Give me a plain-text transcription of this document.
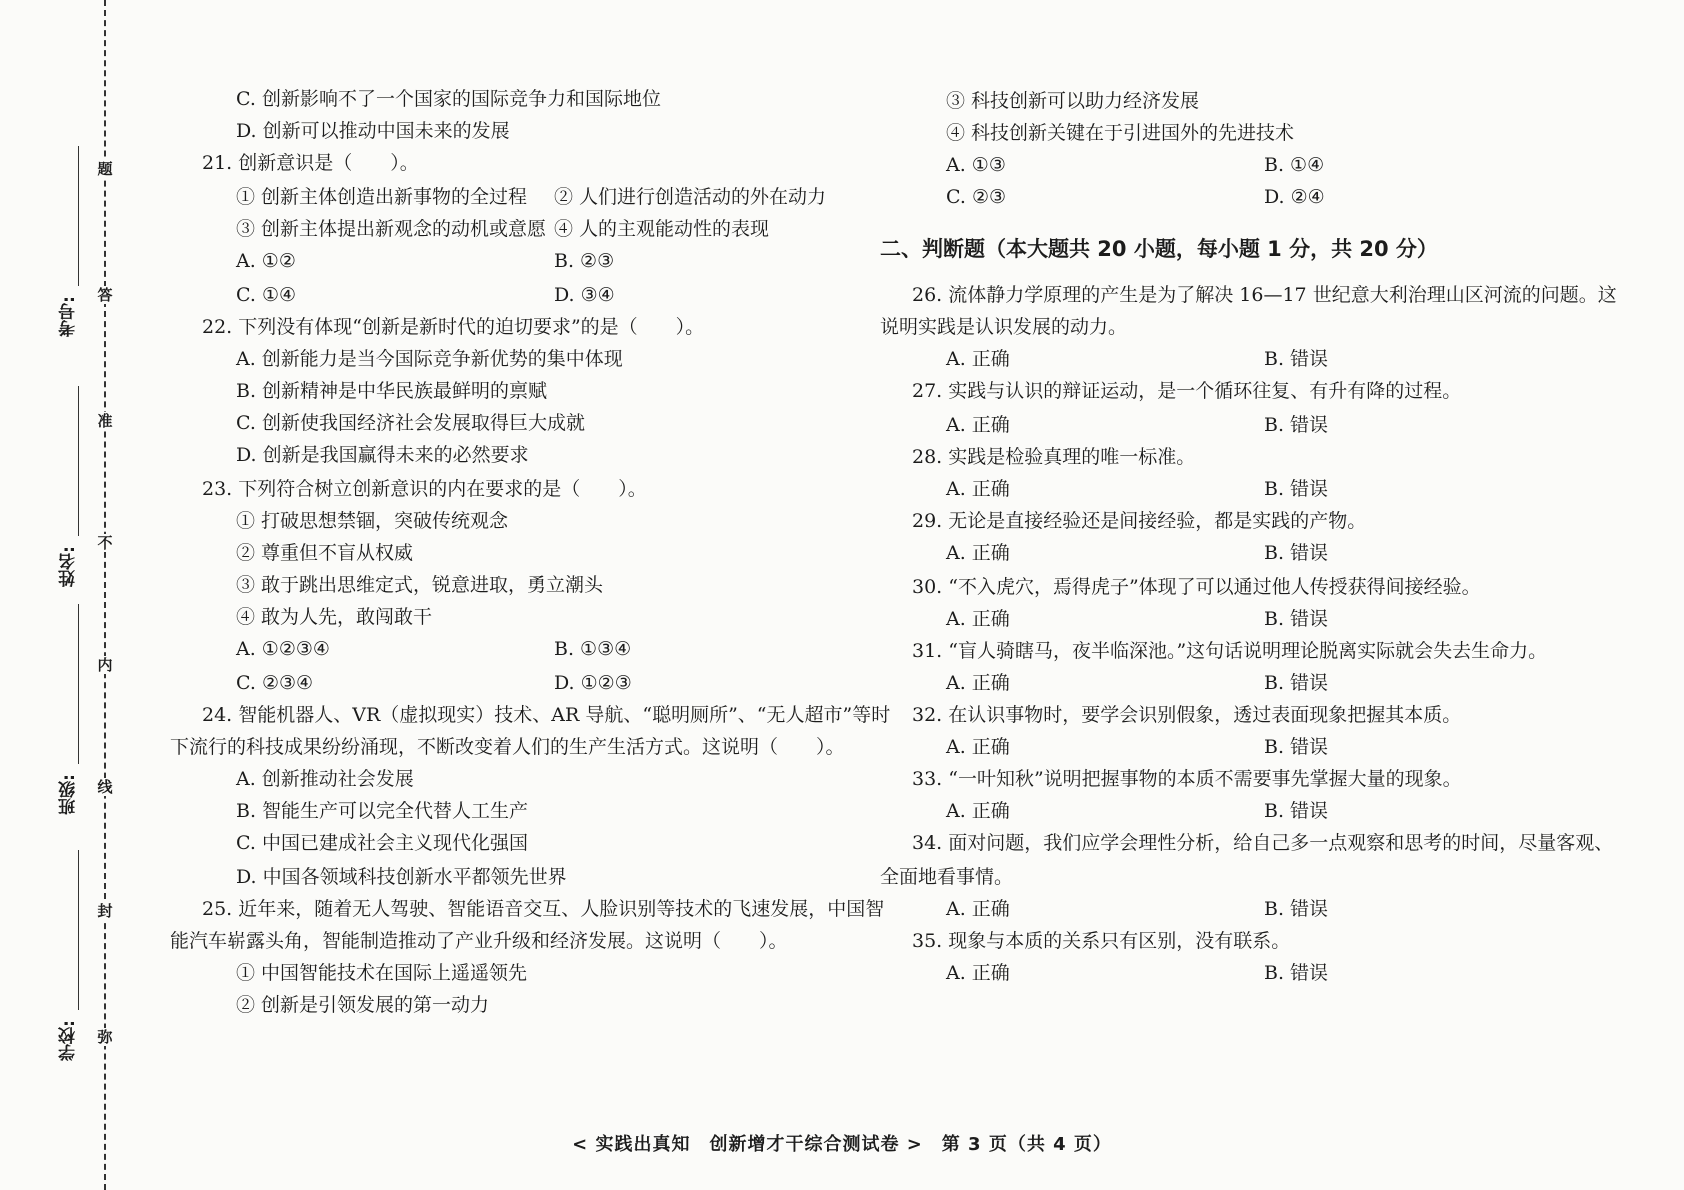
题
答
准
不
内
线
封
弥
考号:
姓名:
班级:
学校:
⠀
C. 创新影响不了一个国家的国际竞争力和国际地位
D. 创新可以推动中国未来的发展
21. 创新意识是（　　）。
① 创新主体创造出新事物的全过程 ② 人们进行创造活动的外在动力
③ 创新主体提出新观念的动机或意愿 ④ 人的主观能动性的表现
A. ①②	B. ②③
C. ①④	D. ③④
22. 下列没有体现“创新是新时代的迫切要求”的是（　　）。
A. 创新能力是当今国际竞争新优势的集中体现
B. 创新精神是中华民族最鲜明的禀赋
C. 创新使我国经济社会发展取得巨大成就
D. 创新是我国赢得未来的必然要求
23. 下列符合树立创新意识的内在要求的是（　　）。
① 打破思想禁锢，突破传统观念
② 尊重但不盲从权威
③ 敢于跳出思维定式，锐意进取，勇立潮头
④ 敢为人先，敢闯敢干
A. ①②③④	B. ①③④
C. ②③④	D. ①②③
24. 智能机器人、VR（虚拟现实）技术、AR 导航、“聪明厕所”、“无人超市”等时
下流行的科技成果纷纷涌现，不断改变着人们的生产生活方式。这说明（　　）。
A. 创新推动社会发展
B. 智能生产可以完全代替人工生产
C. 中国已建成社会主义现代化强国
D. 中国各领域科技创新水平都领先世界
25. 近年来，随着无人驾驶、智能语音交互、人脸识别等技术的飞速发展，中国智
能汽车崭露头角，智能制造推动了产业升级和经济发展。这说明（　　）。
① 中国智能技术在国际上遥遥领先
② 创新是引领发展的第一动力
③ 科技创新可以助力经济发展
④ 科技创新关键在于引进国外的先进技术
A. ①③	B. ①④
C. ②③	D. ②④
二、判断题（本大题共 20 小题，每小题 1 分，共 20 分）
26. 流体静力学原理的产生是为了解决 16—17 世纪意大利治理山区河流的问题。这
说明实践是认识发展的动力。
A. 正确	B. 错误
27. 实践与认识的辩证运动，是一个循环往复、有升有降的过程。
A. 正确	B. 错误
28. 实践是检验真理的唯一标准。
A. 正确	B. 错误
29. 无论是直接经验还是间接经验，都是实践的产物。
A. 正确	B. 错误
30. “不入虎穴，焉得虎子”体现了可以通过他人传授获得间接经验。
A. 正确	B. 错误
31. “盲人骑瞎马，夜半临深池。”这句话说明理论脱离实际就会失去生命力。
A. 正确	B. 错误
32. 在认识事物时，要学会识别假象，透过表面现象把握其本质。
A. 正确	B. 错误
33. “一叶知秋”说明把握事物的本质不需要事先掌握大量的现象。
A. 正确	B. 错误
34. 面对问题，我们应学会理性分析，给自己多一点观察和思考的时间，尽量客观、
全面地看事情。
A. 正确	B. 错误
35. 现象与本质的关系只有区别，没有联系。
A. 正确	B. 错误
< 实践出真知　创新增才干综合测试卷 >　第 3 页（共 4 页）
